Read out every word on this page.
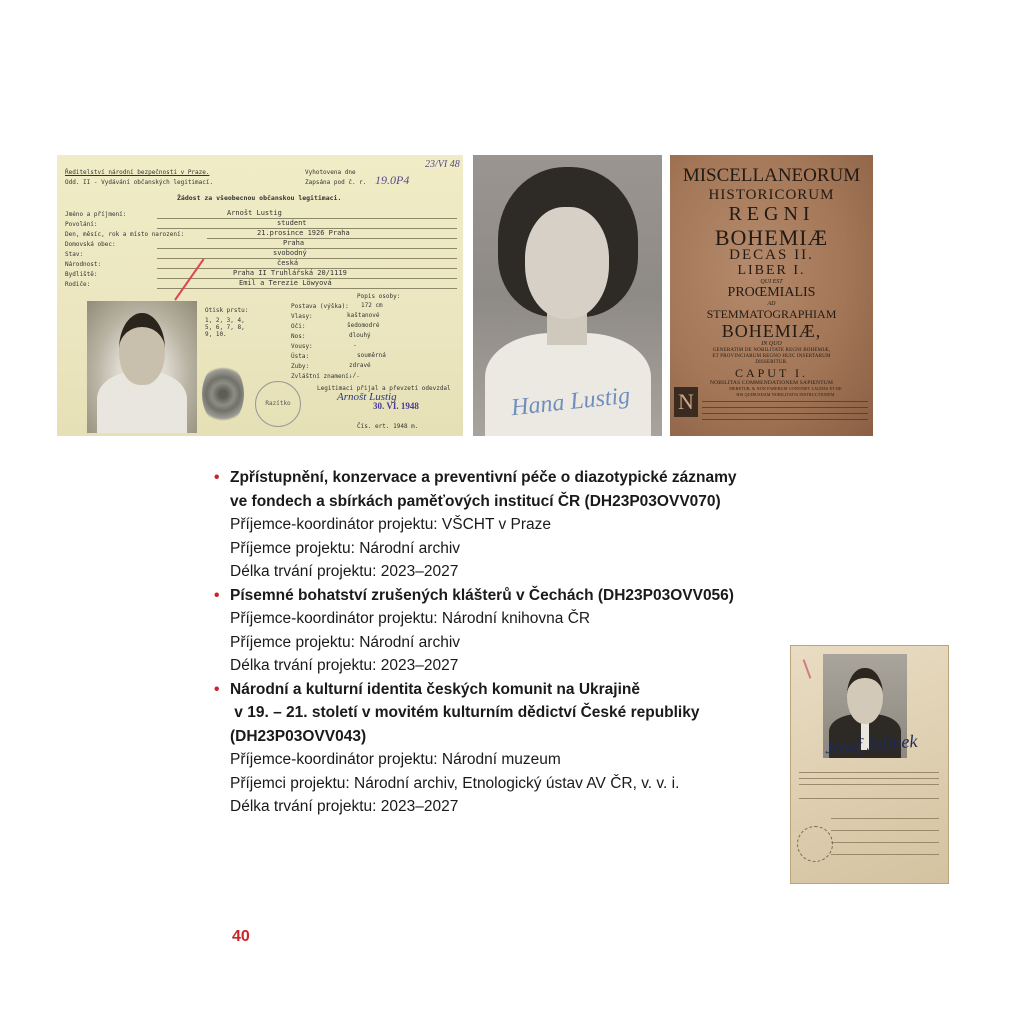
Ředitelství národní bezpečnosti v Praze.
Odd. II - Vydávání občanských legitimací.
Vyhotovena dne
23/VI 48
Zapsána pod č. r. 19.0P4
Žádost za všeobecnou občanskou legitimaci.
Jméno a příjmení:	Arnošt Lustig
Povolání:	student
Den, měsíc, rok a místo narození:	21.prosince 1926 Praha
Domovská obec:	Praha
Stav:	svobodný
Národnost:	česká
Bydliště:	Praha II Truhlářská 20/1119
Rodiče:	Emil a Terezie Löwyová
Popis osoby:
Postava (výška): 172 cm
Vlasy:	kaštanové
Oči:	šedomodré
Nos:	dlouhý
Vousy:	-
Ústa:	souměrná
Zuby:	zdravé
Zvláštní znamení:
./.
Otisk prstu:
1, 2, 3, 4, 5, 6, 7, 8, 9, 10.
Razítko
Legitimaci přijal a převzetí odevzdal
Arnošt Lustig
30. VI. 1948
Čís. ert. 1948 m.
Hana Lustig
MISCELLANEORUM
HISTORICORUM
REGNI
BOHEMIÆ
DECAS II.
LIBER I.
QUI EST
PROŒMIALIS
AD
STEMMATOGRAPHIAM
BOHEMIÆ,
IN QUO
GENERATIM DE NOBILITATE REGNI BOHEMIÆ,
ET PROVINCIARUM REGNO HUIC INSERTARUM
DISSERITUR.
CAPUT I.
NOBILITAS COMMENDATIONEM SAPIENTUM
MERETUR, & NON FABERUM CONTINET LAUDES ET DE
HIS QUIBUSDAM NOBILITATIS INSTRUCTIONEM
N
• Zpřístupnění, konzervace a preventivní péče o diazotypické záznamy
ve fondech a sbírkách paměťových institucí ČR (DH23P03OVV070)
Příjemce-koordinátor projektu: VŠCHT v Praze
Příjemce projektu: Národní archiv
Délka trvání projektu: 2023–2027
• Písemné bohatství zrušených klášterů v Čechách (DH23P03OVV056)
Příjemce-koordinátor projektu: Národní knihovna ČR
Příjemce projektu: Národní archiv
Délka trvání projektu: 2023–2027
• Národní a kulturní identita českých komunit na Ukrajině
v 19. – 21. století v movitém kulturním dědictví České republiky
(DH23P03OVV043)
Příjemce-koordinátor projektu: Národní muzeum
Příjemci projektu: Národní archiv, Etnologický ústav AV ČR, v. v. i.
Délka trvání projektu: 2023–2027
Josef Jelinek
40
